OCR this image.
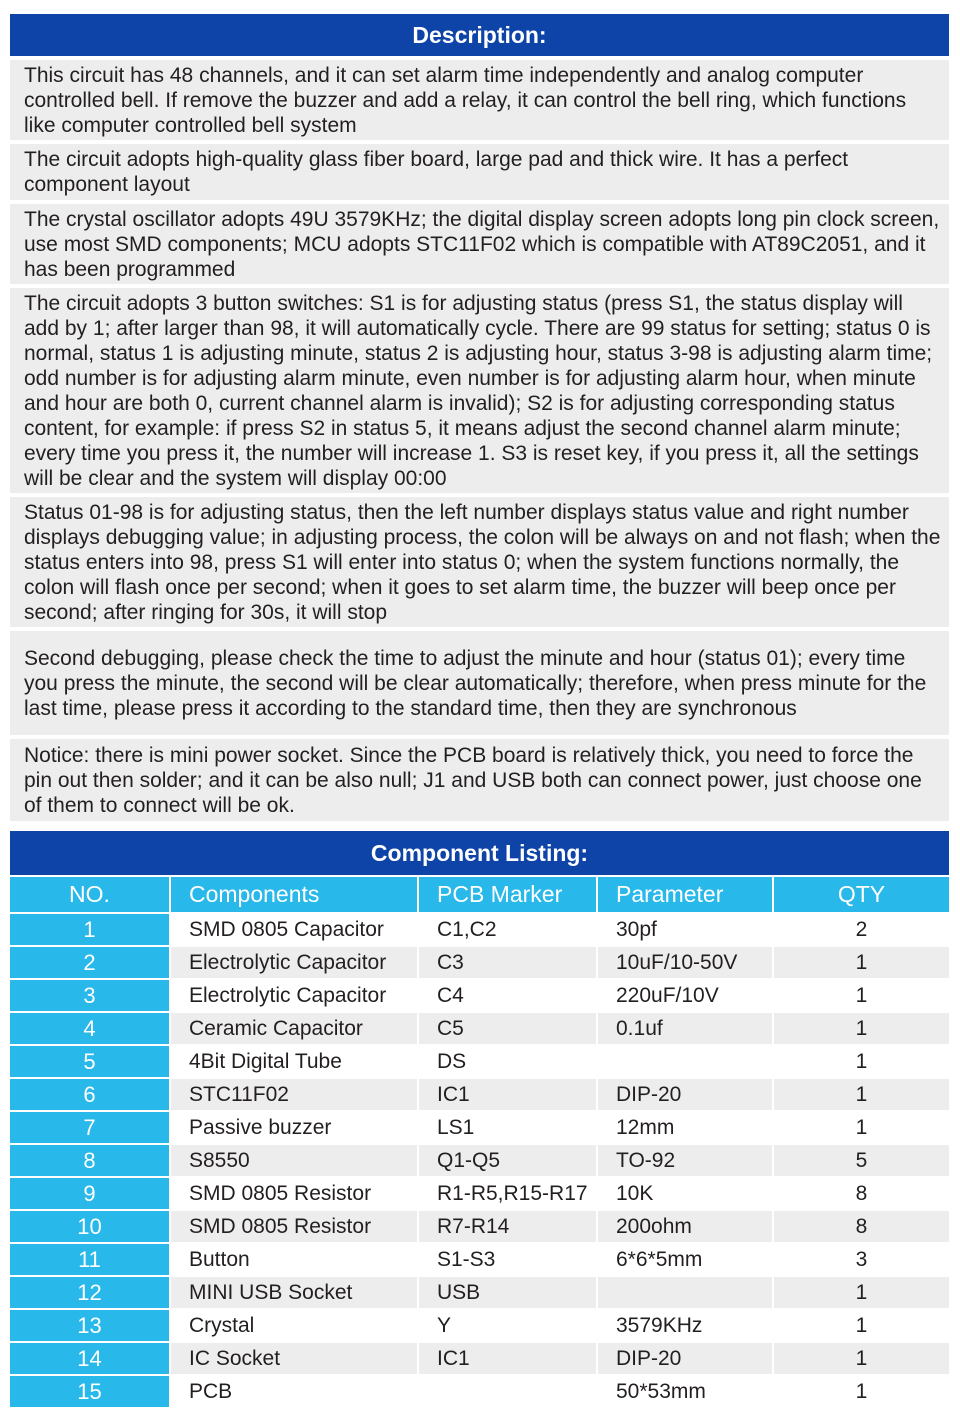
Description:
This circuit has 48 channels, and it can set alarm time independently and analog computer controlled bell. If remove the buzzer and add a relay, it can control the bell ring, which functions like computer controlled bell system
The circuit adopts high-quality glass fiber board, large pad and thick wire. It has a perfect component layout
The crystal oscillator adopts 49U 3579KHz; the digital display screen adopts long pin clock screen, use most SMD components; MCU adopts STC11F02 which is compatible with AT89C2051, and it has been programmed
The circuit adopts 3 button switches: S1 is for adjusting status (press S1, the status display will add by 1; after larger than 98, it will automatically cycle. There are 99 status for setting; status 0 is normal, status 1 is adjusting minute, status 2 is adjusting hour, status 3-98 is adjusting alarm time; odd number is for adjusting alarm minute, even number is for adjusting alarm hour, when minute and hour are both 0, current channel alarm is invalid); S2 is for adjusting corresponding status content, for example: if press S2 in status 5, it means adjust the second channel alarm minute; every time you press it, the number will increase 1. S3 is reset key, if you press it, all the settings will be clear and the system will display 00:00
Status 01-98 is for adjusting status, then the left number displays status value and right number displays debugging value; in adjusting process, the colon will be always on and not flash; when the status enters into 98, press S1 will enter into status 0; when the system functions normally, the colon will flash once per second; when it goes to set alarm time, the buzzer will beep once per second; after ringing for 30s, it will stop
Second debugging, please check the time to adjust the minute and hour (status 01); every time you press the minute, the second will be clear automatically; therefore, when press minute for the last time, please press it according to the standard time, then they are synchronous
Notice: there is mini power socket. Since the PCB board is relatively thick, you need to force the pin out then solder; and it can be also null; J1 and USB both can connect power, just choose one of them to connect will be ok.
Component Listing:
NO.	Components	PCB Marker	Parameter	QTY
1	SMD 0805 Capacitor	C1,C2	30pf	2
2	Electrolytic Capacitor	C3	10uF/10-50V	1
3	Electrolytic Capacitor	C4	220uF/10V	1
4	Ceramic Capacitor	C5	0.1uf	1
5	4Bit Digital Tube	DS		1
6	STC11F02	IC1	DIP-20	1
7	Passive buzzer	LS1	12mm	1
8	S8550	Q1-Q5	TO-92	5
9	SMD 0805 Resistor	R1-R5,R15-R17	10K	8
10	SMD 0805 Resistor	R7-R14	200ohm	8
11	Button	S1-S3	6*6*5mm	3
12	MINI USB Socket	USB		1
13	Crystal	Y	3579KHz	1
14	IC Socket	IC1	DIP-20	1
15	PCB		50*53mm	1
